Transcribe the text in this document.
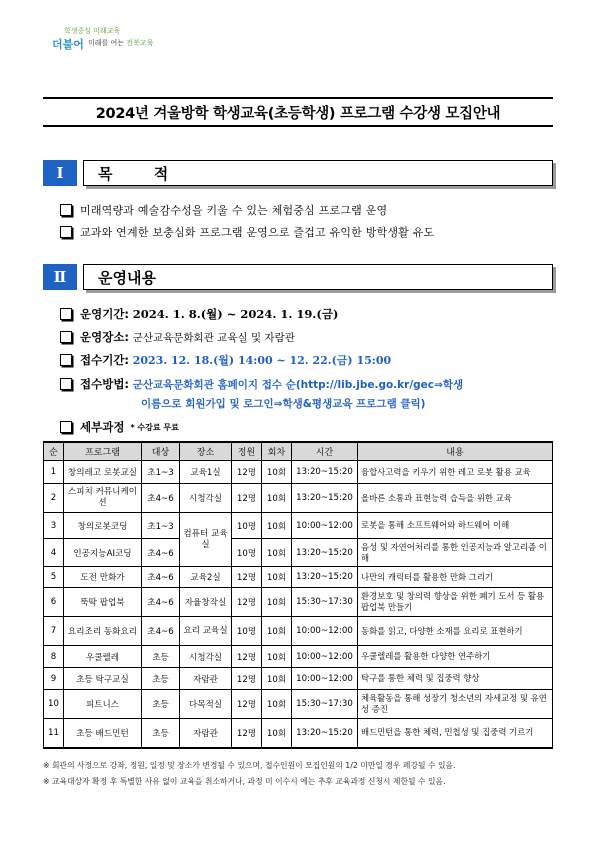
학생중심 미래교육
더불어 미래를 여는 전북교육
2024년 겨울방학 학생교육(초등학생) 프로그램 수강생 모집안내
Ⅰ	목 적
미래역량과 예술감수성을 키울 수 있는 체험중심 프로그램 운영
교과와 연계한 보충심화 프로그램 운영으로 즐겁고 유익한 방학생활 유도
Ⅱ	운영내용
운영기간:
2024. 1. 8.(월) ~ 2024. 1. 19.(금)
운영장소:
군산교육문화회관 교육실 및 자람관
접수기간:
2023. 12. 18.(월) 14:00 ~ 12. 22.(금) 15:00
접수방법:
군산교육문화회관 홈페이지 접수 순(http://lib.jbe.go.kr/gec⇒학생
이름으로 회원가입 및 로그인⇒학생&평생교육 프로그램 클릭)
세부과정 * 수강료 무료
순	프로그램	대상	장소	정원	회차	시간	내용
1	창의레고 로봇교실	초1~3	교육1실	12명	10회	13:20~15:20	융합사고력을 키우기 위한 레고 로봇 활용 교육
2	스피치 커뮤니케이션	초4~6	시청각실	12명	10회	13:20~15:20	올바른 소통과 표현능력 습득을 위한 교육
3	창의로봇코딩	초1~3	컴퓨터 교육실	10명	10회	10:00~12:00	로봇을 통해 소프트웨어와 하드웨어 이해
4	인공지능AI코딩	초4~6		10명	10회	13:20~15:20	음성 및 자연어처리를 통한 인공지능과 알고리즘 이해
5	도전 만화가	초4~6	교육2실	12명	10회	13:20~15:20	나만의 캐릭터를 활용한 만화 그리기
6	뚝딱 팝업북	초4~6	자율창작실	12명	10회	15:30~17:30	환경보호 및 창의력 향상을 위한 폐기 도서 등 활용 팝업북 만들기
7	요리조리 동화요리	초4~6	요리 교육실	10명	10회	10:00~12:00	동화를 읽고, 다양한 소재를 요리로 표현하기
8	우쿨렐레	초등	시청각실	12명	10회	10:00~12:00	우쿨렐레를 활용한 다양한 연주하기
9	초등 탁구교실	초등	자람관	12명	10회	10:00~12:00	탁구를 통한 체력 및 집중력 향상
10	피트니스	초등	다목적실	12명	10회	15:30~17:30	체육활동을 통해 성장기 청소년의 자세교정 및 유연성 증진
11	초등 배드민턴	초등	자람관	12명	10회	13:20~15:20	배드민턴을 통한 체력, 민첩성 및 집중력 기르기
※ 회관의 사정으로 강좌, 정원, 일정 및 장소가 변경될 수 있으며, 접수인원이 모집인원의 1/2 미만일 경우 폐강될 수 있음.
※ 교육대상자 확정 후 특별한 사유 없이 교육을 취소하거나, 과정 미 이수시 에는 추후 교육과정 신청시 제한될 수 있음.
